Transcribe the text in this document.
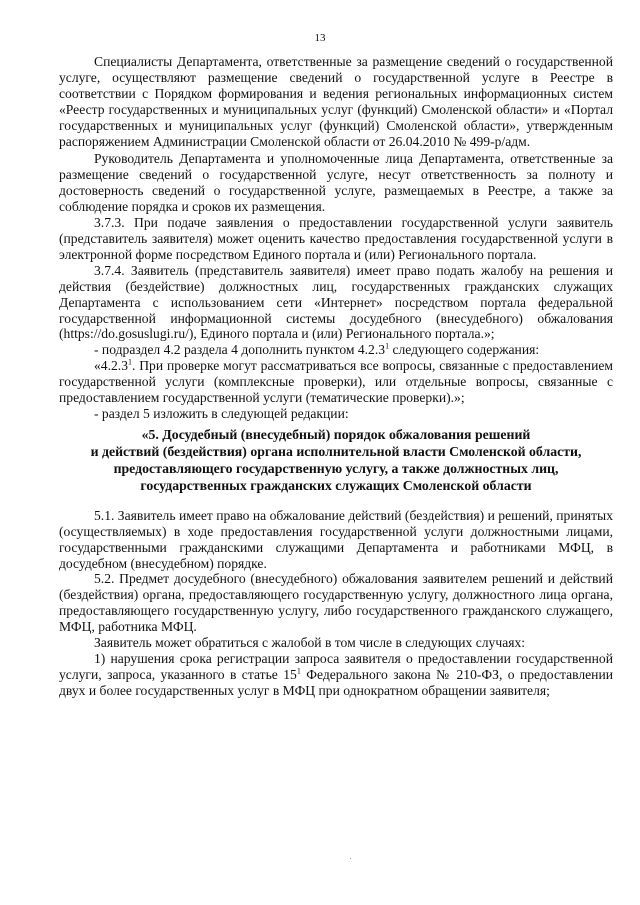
13

Специалисты Департамента, ответственные за размещение сведений о государственной услуге, осуществляют размещение сведений о государственной услуге в Реестре в соответствии с Порядком формирования и ведения региональных информационных систем «Реестр государственных и муниципальных услуг (функций) Смоленской области» и «Портал государственных и муниципальных услуг (функций) Смоленской области», утвержденным распоряжением Администрации Смоленской области от 26.04.2010 № 499-р/адм.

Руководитель Департамента и уполномоченные лица Департамента, ответственные за размещение сведений о государственной услуге, несут ответственность за полноту и достоверность сведений о государственной услуге, размещаемых в Реестре, а также за соблюдение порядка и сроков их размещения.

3.7.3. При подаче заявления о предоставлении государственной услуги заявитель (представитель заявителя) может оценить качество предоставления государственной услуги в электронной форме посредством Единого портала и (или) Регионального портала.

3.7.4. Заявитель (представитель заявителя) имеет право подать жалобу на решения и действия (бездействие) должностных лиц, государственных гражданских служащих Департамента с использованием сети «Интернет» посредством портала федеральной государственной информационной системы досудебного (внесудебного) обжалования (https://do.gosuslugi.ru/), Единого портала и (или) Регионального портала.»;

- подраздел 4.2 раздела 4 дополнить пунктом 4.2.3$^1$ следующего содержания:

«4.2.3$^1$. При проверке могут рассматриваться все вопросы, связанные с предоставлением государственной услуги (комплексные проверки), или отдельные вопросы, связанные с предоставлением государственной услуги (тематические проверки).»;

- раздел 5 изложить в следующей редакции:

«5. Досудебный (внесудебный) порядок обжалования решений
и действий (бездействия) органа исполнительной власти Смоленской области,
предоставляющего государственную услугу, а также должностных лиц,
государственных гражданских служащих Смоленской области

5.1. Заявитель имеет право на обжалование действий (бездействия) и решений, принятых (осуществляемых) в ходе предоставления государственной услуги должностными лицами, государственными гражданскими служащими Департамента и работниками МФЦ, в досудебном (внесудебном) порядке.

5.2. Предмет досудебного (внесудебного) обжалования заявителем решений и действий (бездействия) органа, предоставляющего государственную услугу, должностного лица органа, предоставляющего государственную услугу, либо государственного гражданского служащего, МФЦ, работника МФЦ.

Заявитель может обратиться с жалобой в том числе в следующих случаях:

1) нарушения срока регистрации запроса заявителя о предоставлении государственной услуги, запроса, указанного в статье $15^1$ Федерального закона № 210-ФЗ, о предоставлении двух и более государственных услуг в МФЦ при однократном обращении заявителя;
